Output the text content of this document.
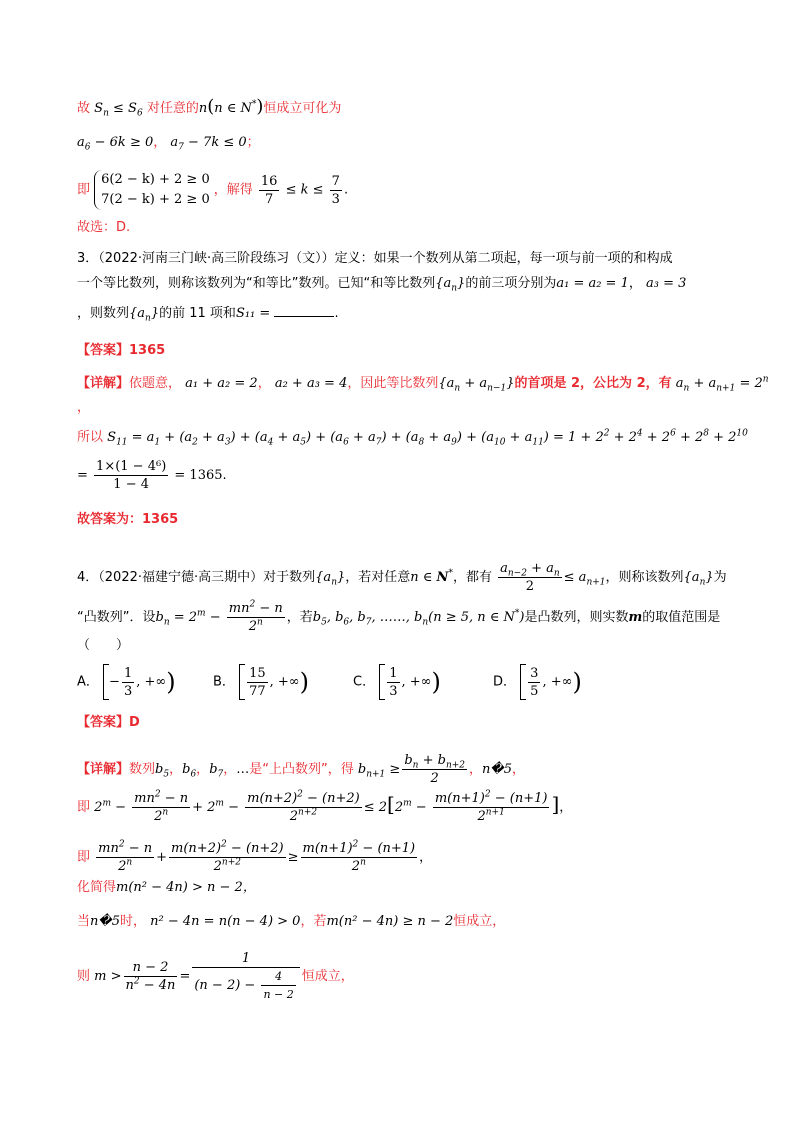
故 $S_n \le S_6$ 对任意的n(n ∈ N*)恒成立可化为
$a_6 - 6k \ge 0$， $a_7 - 7k \le 0$；
即
6(2 − k) + 2 ≥ 0
7(2 − k) + 2 ≥ 0
，解得 $\frac{16}{7} \le k \le \frac{7}{3}$ .
故选：D.
3．（2022·河南三门峡·高三阶段练习（文））定义：如果一个数列从第二项起，每一项与前一项的和构成
一个等比数列，则称该数列为“和等比”数列。已知“和等比数列$\{a_n\}$的前三项分别为a₁ = a₂ = 1， a₃ = 3
，则数列$\{a_n\}$的前 11 项和S₁₁ =	.
【答案】1365
【详解】依题意， a₁ + a₂ = 2， a₂ + a₃ = 4，因此等比数列$\{a_n + a_{n-1}\}$的首项是 2，公比为 2，有 $a_n + a_{n+1} = 2^n$
，
所以 $S_{11} = a_1 + (a_2 + a_3) + (a_4 + a_5) + (a_6 + a_7) + (a_8 + a_9) + (a_{10} + a_{11}) = 1 + 2^2 + 2^4 + 2^6 + 2^8 + 2^{10}$
= $\frac{\text{1×(1 − 4⁶)}}{1 - 4} = 1365$.
故答案为：1365
4．（2022·福建宁德·高三期中）对于数列$\{a_n\}$，若对任意n ∈ N*，都有 $\frac{a_{n-2} + a_n}{2} \le a_{n+1}$，则称该数列$\{a_n\}$为
“凸数列”．设$b_n = 2^m - \frac{mn^2 - n}{2^n}$ ，若$b_5$, $b_6$, $b_7$, ……, $b_n(n \ge 5$, n ∈ N*)是凸数列，则实数m的取值范围是
（　　）
A． − $\frac{1}{3}$ , +∞)	B． $\frac{15}{77}$ , +∞)	C． $\frac{1}{3}$ , +∞)	D． $\frac{3}{5}$ , +∞)
【答案】D
【详解】数列$b_5$，$b_6$，$b_7$，…是“上凸数列”，得 $b_{n+1} \ge \frac{b_n + b_{n+2}}{2}$ ，n�5，
即 $2^m - \frac{mn^2 - n}{2^n} + 2^m - \frac{m(n+2)^2 - (n+2)}{2^{n+2}} \le 2[2^m - \frac{m(n+1)^2 - (n+1)}{2^{n+1}}$ ]，
即 $\frac{mn^2 - n}{2^n} + \frac{m(n+2)^2 - (n+2)}{2^{n+2}} \ge \frac{m(n+1)^2 - (n+1)}{2^n}$ ，
化简得m(n² − 4n) > n − 2，
当n�5时， n² − 4n = n(n − 4) > 0，若m(n² − 4n) ≥ n − 2恒成立，
则 $m > \frac{n - 2}{n^2 - 4n} = \frac{1}{(n - 2) - \frac{4}{n - 2}}$ 恒成立，
